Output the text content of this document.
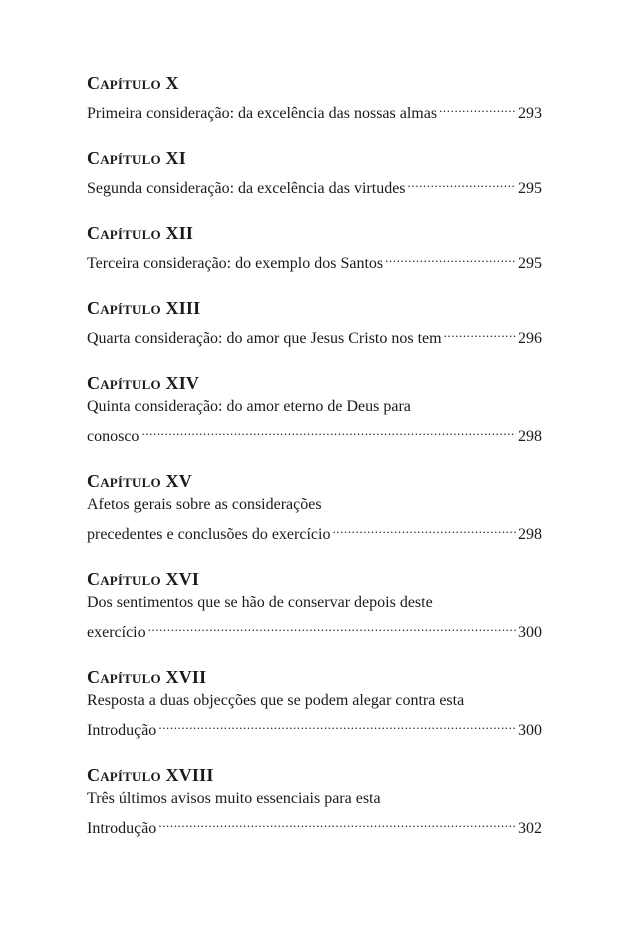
Capítulo X
Primeira consideração: da excelência das nossas almas .....	293
Capítulo XI
Segunda consideração: da excelência das virtudes .....	295
Capítulo XII
Terceira consideração: do exemplo dos Santos .....	295
Capítulo XIII
Quarta consideração: do amor que Jesus Cristo nos tem .....	296
Capítulo XIV
Quinta consideração: do amor eterno de Deus para
conosco .....	298
Capítulo XV
Afetos gerais sobre as considerações
precedentes e conclusões do exercício .....	298
Capítulo XVI
Dos sentimentos que se hão de conservar depois deste
exercício .....	300
Capítulo XVII
Resposta a duas objecções que se podem alegar contra esta
Introdução .....	300
Capítulo XVIII
Três últimos avisos muito essenciais para esta
Introdução .....	302
